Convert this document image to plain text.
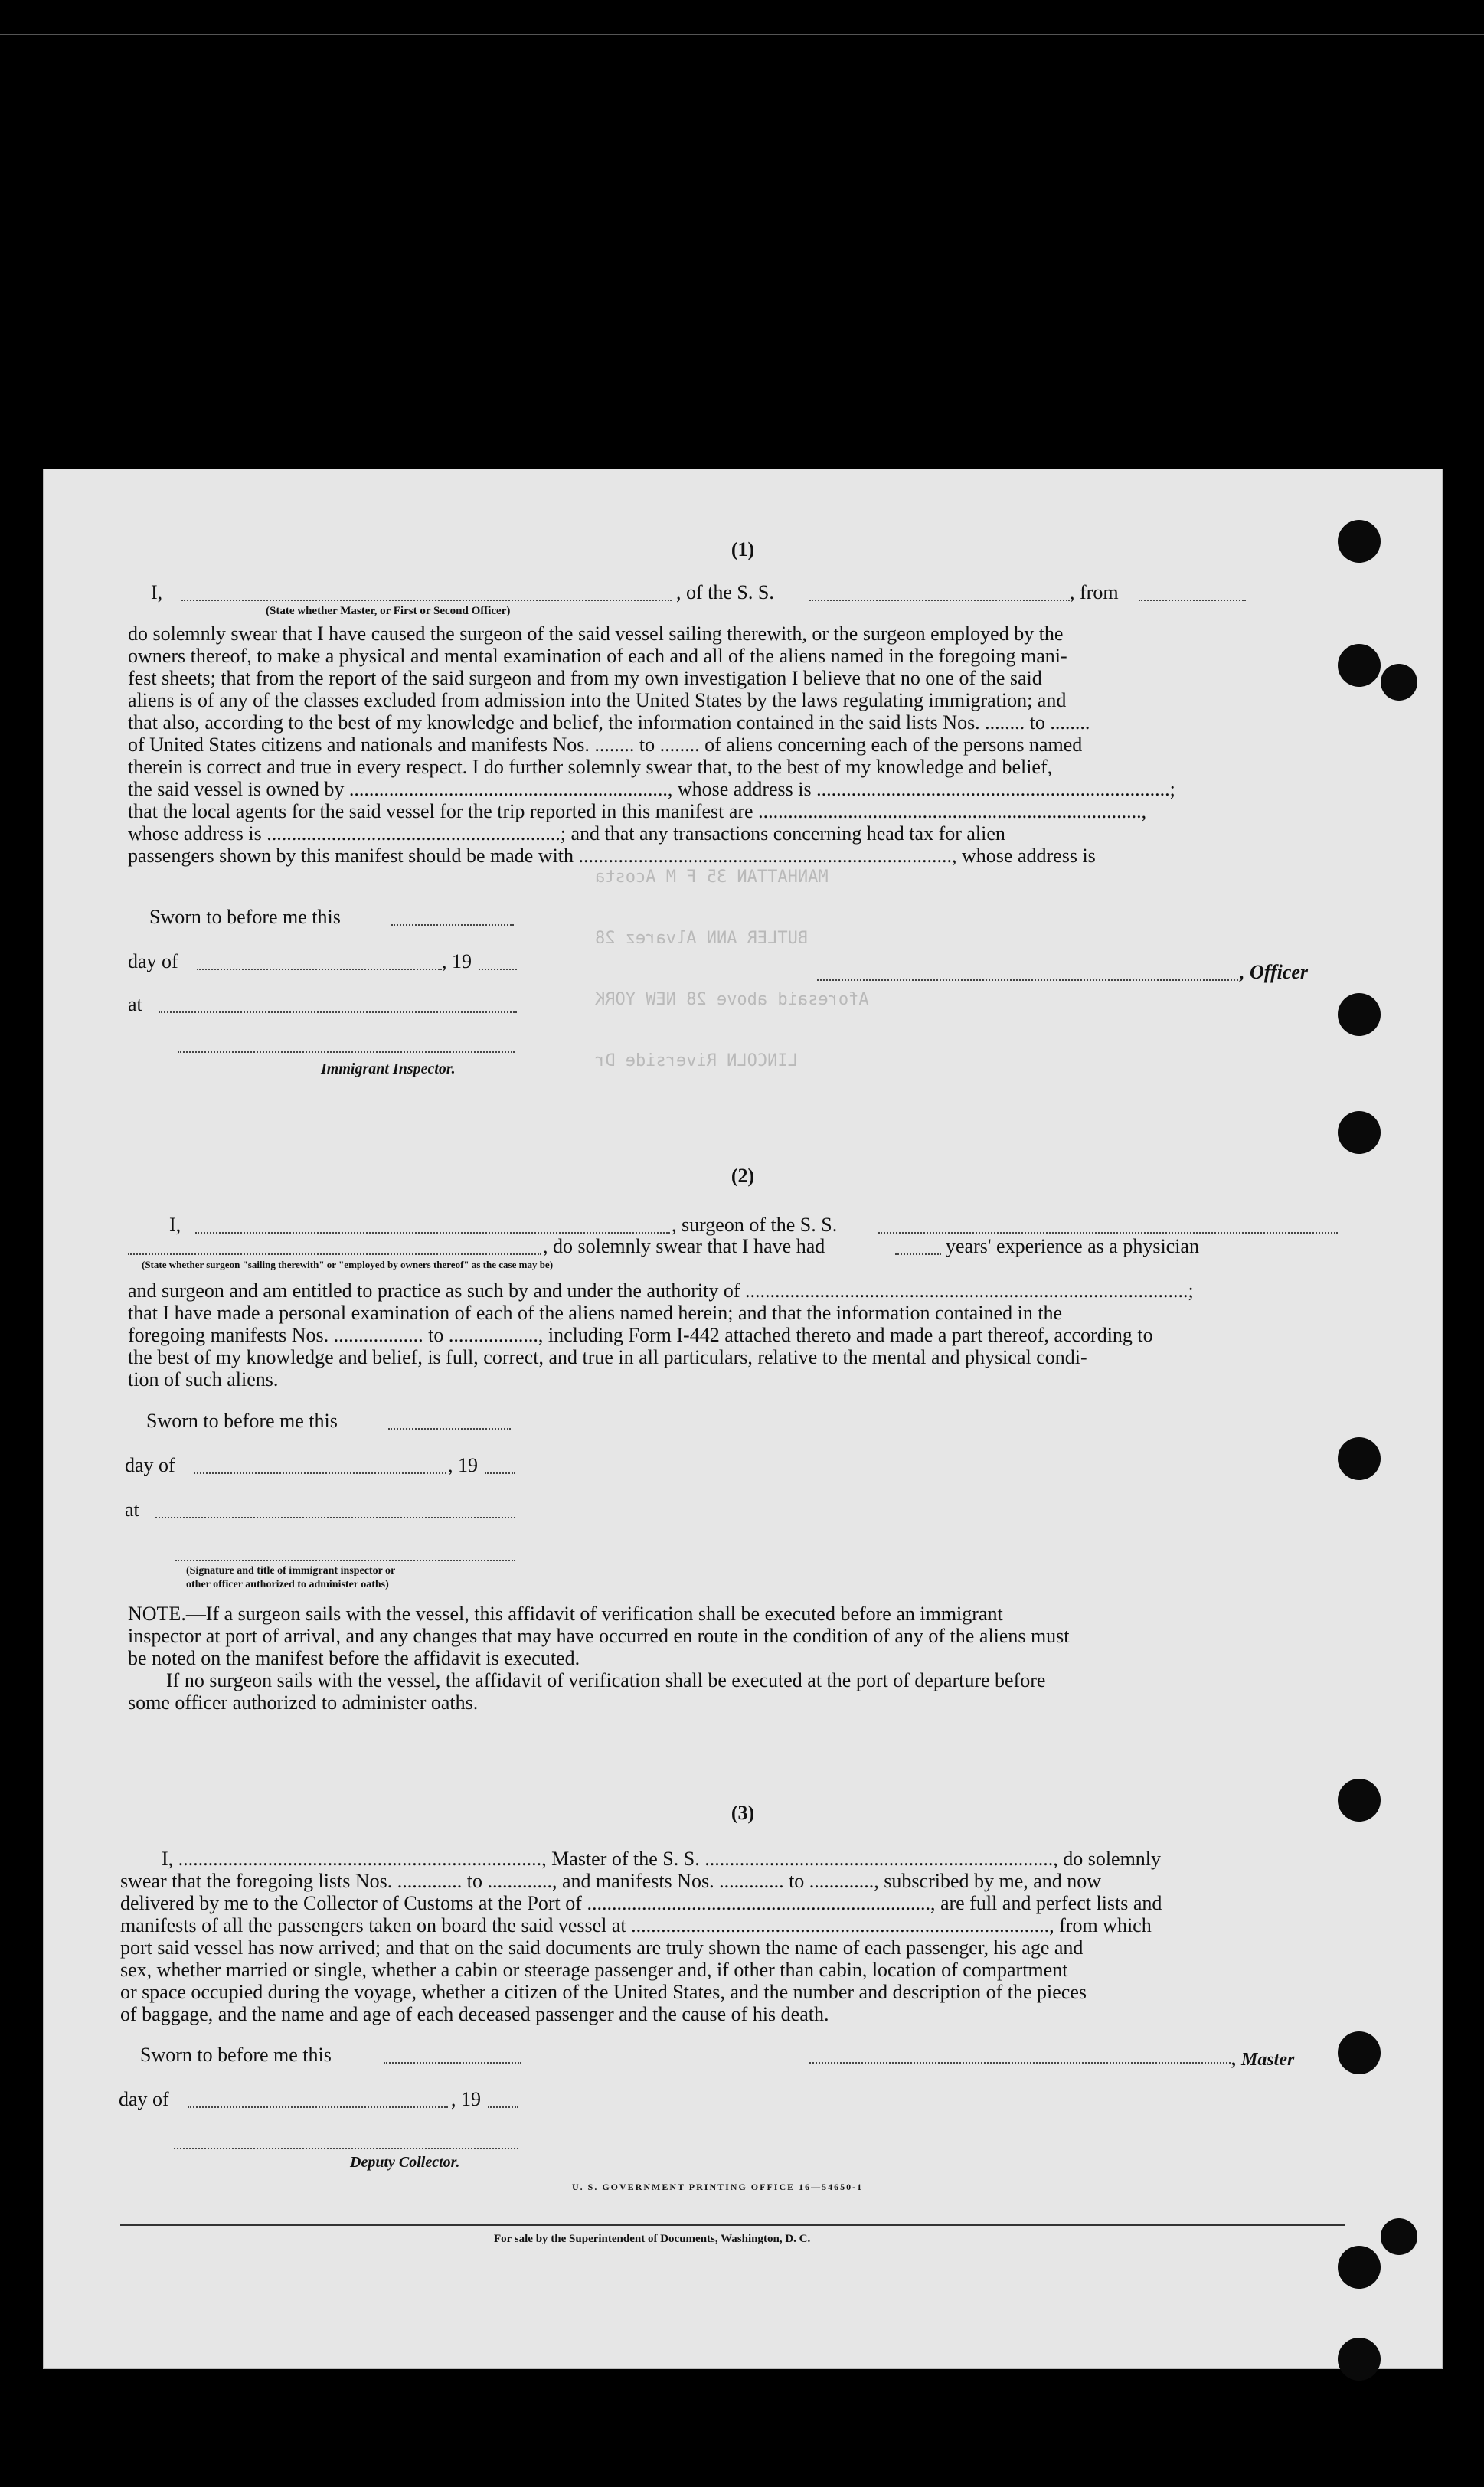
MANHATTAN 35 F M Acosta
BUTLER ANN Alvarez 28
Aforesaid above 28 NEW YORK
LINCOLN Riverside Dr
(1)
I,	, of the S. S.	, from
(State whether Master, or First or Second Officer)
do solemnly swear that I have caused the surgeon of the said vessel sailing therewith, or the surgeon employed by the
owners thereof, to make a physical and mental examination of each and all of the aliens named in the foregoing mani-
fest sheets; that from the report of the said surgeon and from my own investigation I believe that no one of the said
aliens is of any of the classes excluded from admission into the United States by the laws regulating immigration; and
that also, according to the best of my knowledge and belief, the information contained in the said lists Nos. ........ to ........
of United States citizens and nationals and manifests Nos. ........ to ........ of aliens concerning each of the persons named
therein is correct and true in every respect. I do further solemnly swear that, to the best of my knowledge and belief,
the said vessel is owned by ................................................................, whose address is .......................................................................;
that the local agents for the said vessel for the trip reported in this manifest are .............................................................................,
whose address is ...........................................................; and that any transactions concerning head tax for alien
passengers shown by this manifest should be made with ..........................................................................., whose address is
Sworn to before me this
day of	, 19
at
, Officer
Immigrant Inspector.
(2)
I,	, surgeon of the S. S.
, do solemnly swear that I have had	years' experience as a physician
(State whether surgeon "sailing therewith" or "employed by owners thereof" as the case may be)
and surgeon and am entitled to practice as such by and under the authority of .........................................................................................;
that I have made a personal examination of each of the aliens named herein; and that the information contained in the
foregoing manifests Nos. .................. to .................., including Form I-442 attached thereto and made a part thereof, according to
the best of my knowledge and belief, is full, correct, and true in all particulars, relative to the mental and physical condi-
tion of such aliens.
Sworn to before me this
day of	, 19
at
(Signature and title of immigrant inspector or
other officer authorized to administer oaths)
NOTE.—If a surgeon sails with the vessel, this affidavit of verification shall be executed before an immigrant
inspector at port of arrival, and any changes that may have occurred en route in the condition of any of the aliens must
be noted on the manifest before the affidavit is executed.
If no surgeon sails with the vessel, the affidavit of verification shall be executed at the port of departure before
some officer authorized to administer oaths.
(3)
I, ........................................................................., Master of the S. S. ......................................................................, do solemnly
swear that the foregoing lists Nos. ............. to ............., and manifests Nos. ............. to ............., subscribed by me, and now
delivered by me to the Collector of Customs at the Port of ....................................................................., are full and perfect lists and
manifests of all the passengers taken on board the said vessel at ...................................................................................., from which
port said vessel has now arrived; and that on the said documents are truly shown the name of each passenger, his age and
sex, whether married or single, whether a cabin or steerage passenger and, if other than cabin, location of compartment
or space occupied during the voyage, whether a citizen of the United States, and the number and description of the pieces
of baggage, and the name and age of each deceased passenger and the cause of his death.
Sworn to before me this	, Master
day of	, 19
Deputy Collector.
U. S. GOVERNMENT PRINTING OFFICE 16—54650-1
For sale by the Superintendent of Documents, Washington, D. C.
